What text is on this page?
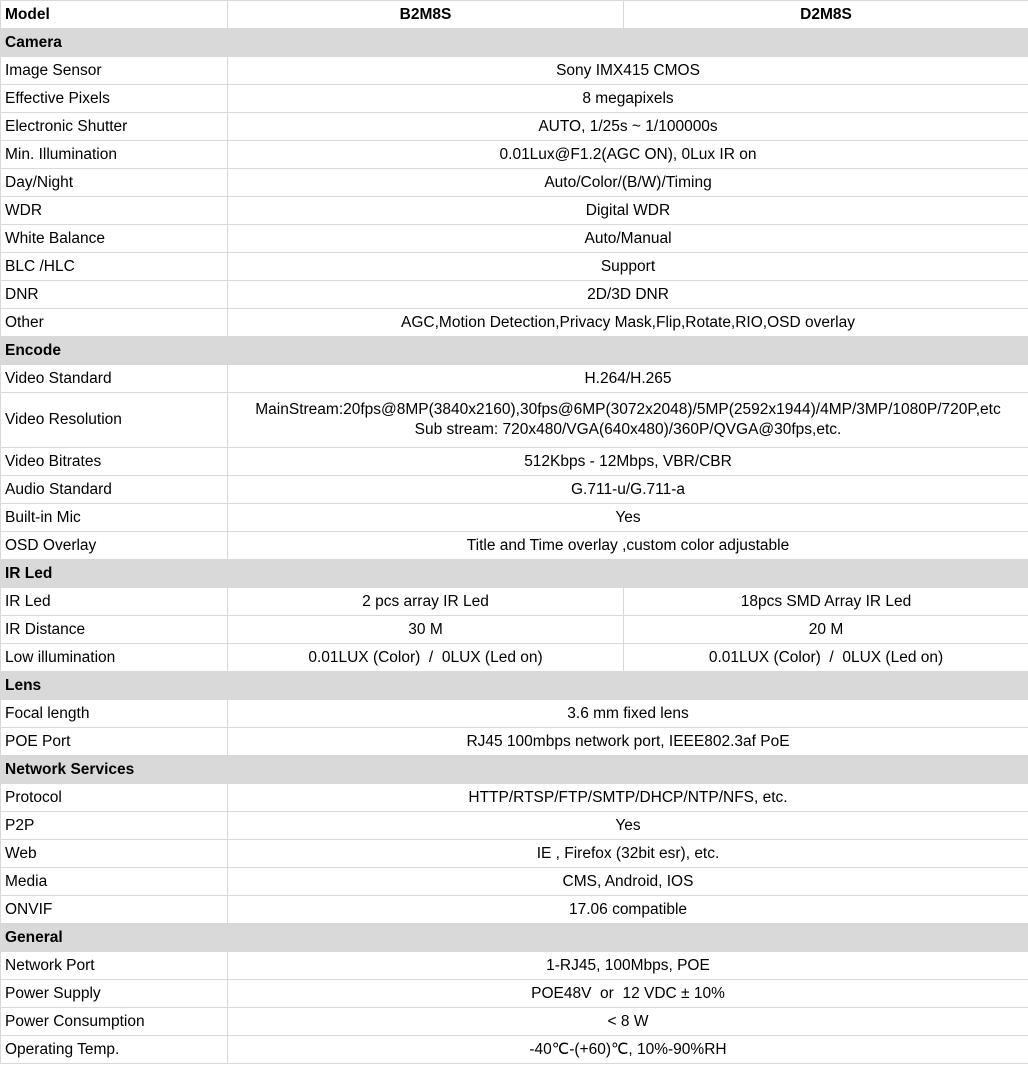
Model	B2M8S	D2M8S
Camera		
Image Sensor	Sony IMX415 CMOS	
Effective Pixels	8 megapixels	
Electronic Shutter	AUTO, 1/25s ~ 1/100000s	
Min. Illumination	0.01Lux@F1.2(AGC ON), 0Lux IR on	
Day/Night	Auto/Color/(B/W)/Timing	
WDR	Digital WDR	
White Balance	Auto/Manual	
BLC /HLC	Support	
DNR	2D/3D DNR	
Other	AGC,Motion Detection,Privacy Mask,Flip,Rotate,RIO,OSD overlay	
Encode		
Video Standard	H.264/H.265	
Video Resolution	MainStream:20fps@8MP(3840x2160),30fps@6MP(3072x2048)/5MP(2592x1944)/4MP/3MP/1080P/720P,etc
Sub stream: 720x480/VGA(640x480)/360P/QVGA@30fps,etc.	

Video Bitrates	512Kbps - 12Mbps, VBR/CBR	
Audio Standard	G.711-u/G.711-a	
Built-in Mic	Yes	
OSD Overlay	Title and Time overlay ,custom color adjustable	
IR Led		
IR Led	2 pcs array IR Led	18pcs SMD Array IR Led
IR Distance	30 M	20 M
Low illumination	0.01LUX (Color)  /  0LUX (Led on)	0.01LUX (Color)  /  0LUX (Led on)
Lens		
Focal length	3.6 mm fixed lens	
POE Port	RJ45 100mbps network port, IEEE802.3af PoE	
Network Services		
Protocol	HTTP/RTSP/FTP/SMTP/DHCP/NTP/NFS, etc.	
P2P	Yes	
Web	IE , Firefox (32bit esr), etc.	
Media	CMS, Android, IOS	
ONVIF	17.06 compatible	
General		
Network Port	1-RJ45, 100Mbps, POE	
Power Supply	POE48V  or  12 VDC ± 10%	
Power Consumption	< 8 W	
Operating Temp.	-40℃-(+60)℃, 10%-90%RH	
